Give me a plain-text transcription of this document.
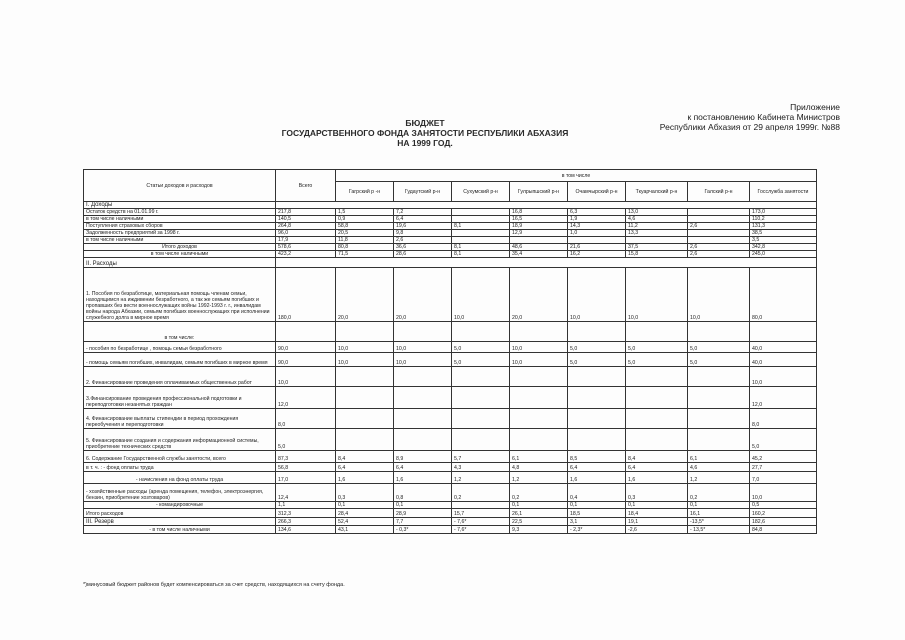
Приложение
к постановлению Кабинета Министров
Республики Абхазия от 29 апреля 1999г. №88
БЮДЖЕТ
ГОСУДАРСТВЕННОГО ФОНДА ЗАНЯТОСТИ РЕСПУБЛИКИ АБХАЗИЯ
НА 1999 ГОД.
Статьи доходов и расходов	Всего	в том числе							
		Гагрский р -н	Гудаутский р-н	Сухумский р-н	Гулрыпшский р-н	Очамчырский р-н	Ткуарчалский р-н	Галский р-н	Госслужба занятости
I. Доходы									
Остаток средств на 01.01.99 г.	217,8	1,5	7,2		16,8	6,3	13,0		173,0
в том числе наличными	140,5	0,9	6,4		16,5	1,9	4,6		110,2
Поступления страховых сборов	264,8	58,8	19,6	8,1	18,9	14,3	11,2	2,6	131,3
Задолженность предприятий за 1998 г.	96,0	20,5	9,8		12,9	1,0	13,3		38,5
в том числе наличными	17,9	11,8	2,6						3,5
Итого доходов	578,6	80,8	36,6	8,1	48,6	21,6	37,5	2,6	342,8
в том числе наличными	423,2	71,5	28,6	8,1	35,4	16,2	15,8	2,6	245,0
II. Расходы									
1. Пособия по безработице, материальная помощь членам семьи, находящимся на иждивении безработного, а так же семьям погибших и пропавших без вести военнослужащих войны 1992-1993 г. г., инвалидам войны народа Абхазии, семьям погибших военнослужащих при исполнении служебного долга в мирное время	180,0	20,0	20,0	10,0	20,0	10,0	10,0	10,0	80,0
в том числе:									
- пособия по безработице , помощь семьи безработного	90,0	10,0	10,0	5,0	10,0	5,0	5,0	5,0	40,0
- помощь семьям погибших, инвалидам, семьям погибших в мирное время	90,0	10,0	10,0	5,0	10,0	5,0	5,0	5,0	40,0
2. Финансирование проведения оплачиваемых общественных работ	10,0								10,0
3.Финансирование проведения профессиональной подготовки и переподготовки незанятых граждан	12,0								12,0
4. Финансирование выплаты стипендии в период прохождения переобучения и переподготовки	8,0								8,0
5. Финансирование создания и содержания информационной системы, приобретение технических средств	5,0								5,0
6. Содержание Государственной службы занятости, всего	87,3	8,4	8,9	5,7	6,1	8,5	8,4	6,1	45,2
в т. ч. : - фонд оплаты труда	56,8	6,4	6,4	4,3	4,8	6,4	6,4	4,6	27,7
- начисления на фонд оплаты труда	17,0	1,6	1,6	1,2	1,2	1,6	1,6	1,2	7,0
- хозяйственные расходы (аренда помещения, телефон, электроэнергия, бензин, приобретение хозтоваров)	12,4	0,3	0,8	0,2	0,2	0,4	0,3	0,2	10,0
- командировочные	1,1	0,1	0,1		0,1	0,1	0,1	0,1	0,5
Итого расходов	312,3	28,4	28,9	15,7	26,1	18,5	18,4	16,1	160,2
III. Резерв	266,3	52,4	7,7	- 7,6*	22,5	3,1	19,1	-13,5*	182,6
- в том числе наличными	134,6	43,1	- 0,3*	- 7,6*	9,3	- 2,3*	-2,6	- 13,5*	84,8
*)минусовый бюджет районов будет компенсироваться за счет средств, находящихся на счету фонда.
